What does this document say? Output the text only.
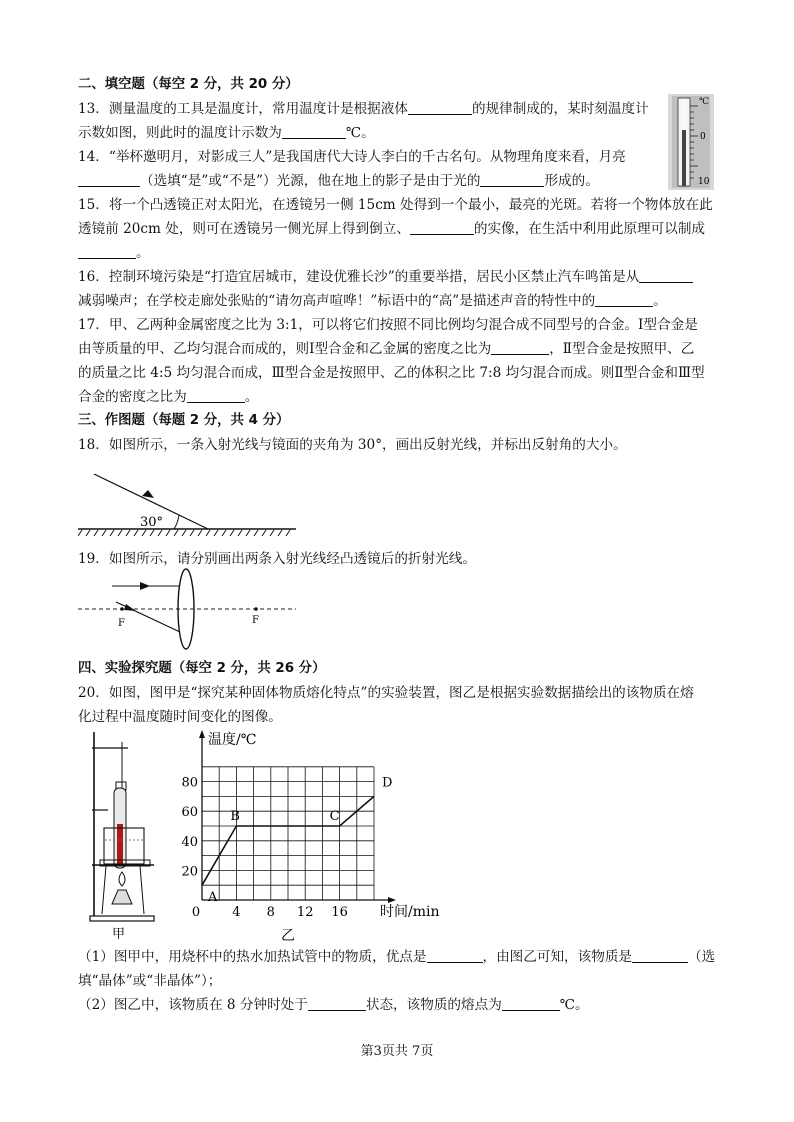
二、填空题（每空 2 分，共 20 分）
13．测量温度的工具是温度计，常用温度计是根据液体	的规律制成的，某时刻温度计
示数如图，则此时的温度计示数为	℃。
℃
0
10
14．“举杯邀明月，对影成三人”是我国唐代大诗人李白的千古名句。从物理角度来看，月亮
（选填“是”或“不是”）光源，他在地上的影子是由于光的	形成的。
15．将一个凸透镜正对太阳光，在透镜另一侧 15cm 处得到一个最小，最亮的光斑。若将一个物体放在此
透镜前 20cm 处，则可在透镜另一侧光屏上得到倒立、	的实像，在生活中利用此原理可以制成
。
16．控制环境污染是“打造宜居城市，建设优雅长沙”的重要举措，居民小区禁止汽车鸣笛是从
减弱噪声；在学校走廊处张贴的“请勿高声喧哗！”标语中的“高”是描述声音的特性中的	。
17．甲、乙两种金属密度之比为 3:1，可以将它们按照不同比例均匀混合成不同型号的合金。Ⅰ型合金是
由等质量的甲、乙均匀混合而成的，则Ⅰ型合金和乙金属的密度之比为	，Ⅱ型合金是按照甲、乙
的质量之比 4:5 均匀混合而成，Ⅲ型合金是按照甲、乙的体积之比 7:8 均匀混合而成。则Ⅱ型合金和Ⅲ型
合金的密度之比为	。
三、作图题（每题 2 分，共 4 分）
18．如图所示，一条入射光线与镜面的夹角为 30°，画出反射光线，并标出反射角的大小。
30°
19．如图所示，请分别画出两条入射光线经凸透镜后的折射光线。
F	F
四、实验探究题（每空 2 分，共 26 分）
20．如图，图甲是“探究某种固体物质熔化特点”的实验装置，图乙是根据实验数据描绘出的该物质在熔
化过程中温度随时间变化的图像。
甲
4 8 12 16
20
40
60
80
0
温度/℃
时间/min
乙
A
B	C
D
（1）图甲中，用烧杯中的热水加热试管中的物质，优点是	，由图乙可知，该物质是	（选
填“晶体”或“非晶体”）；
（2）图乙中，该物质在 8 分钟时处于	状态，该物质的熔点为	℃。
第3页共 7页
